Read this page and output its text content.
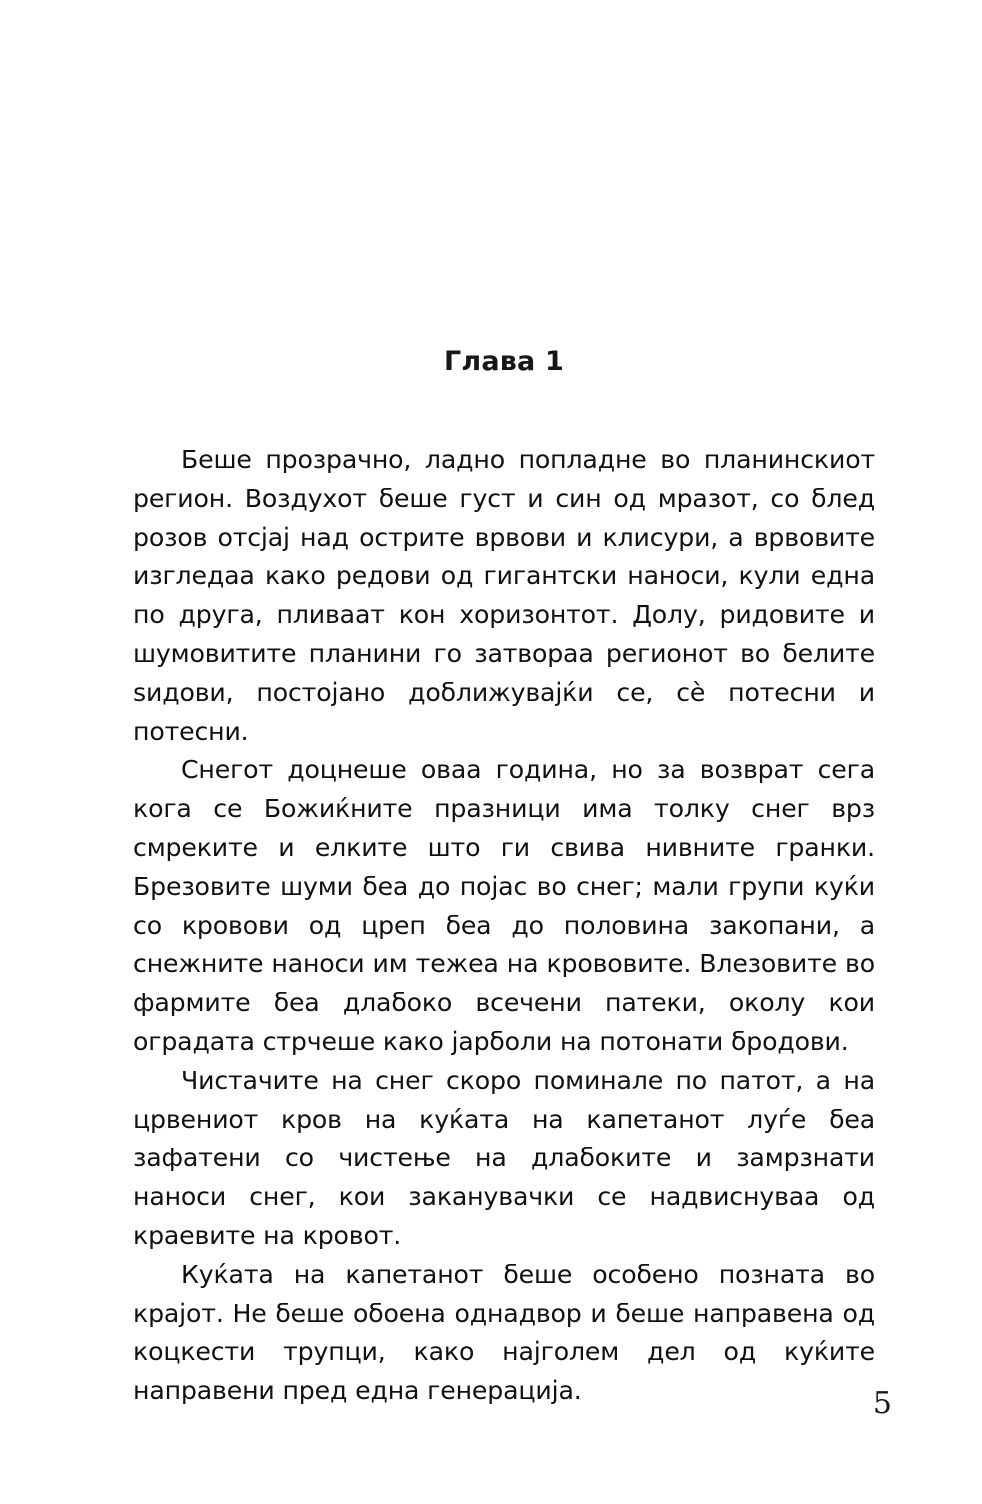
Глава 1

Беше прозрачно, ладно попладне во планинскиот регион. Воздухот беше густ и син од мразот, со блед розов отсјај над острите врвови и клисури, а врвовите изгледаа како редови од гигантски наноси, кули една по друга, пливаат кон хоризонтот. Долу, ридовите и шумовитите планини го затвораа регионот во белите ѕидови, постојано доближувајќи се, сè потесни и потесни.

Снегот доцнеше оваа година, но за возврат сега кога се Божиќните празници има толку снег врз смреките и елките што ги свива нивните гранки. Брезовите шуми беа до појас во снег; мали групи куќи со кровови од цреп беа до половина закопани, а снежните наноси им тежеа на крововите. Влезовите во фармите беа длабоко всечени патеки, околу кои оградата стрчеше како јарболи на потонати бродови.

Чистачите на снег скоро поминале по патот, а на црвениот кров на куќата на капетанот луѓе беа зафатени со чистење на длабоките и замрзнати наноси снег, кои заканувачки се надвиснуваа од краевите на кровот.

Куќата на капетанот беше особено позната во крајот. Не беше обоена однадвор и беше направена од коцкести трупци, како најголем дел од куќите направени пред една генерација.	5
